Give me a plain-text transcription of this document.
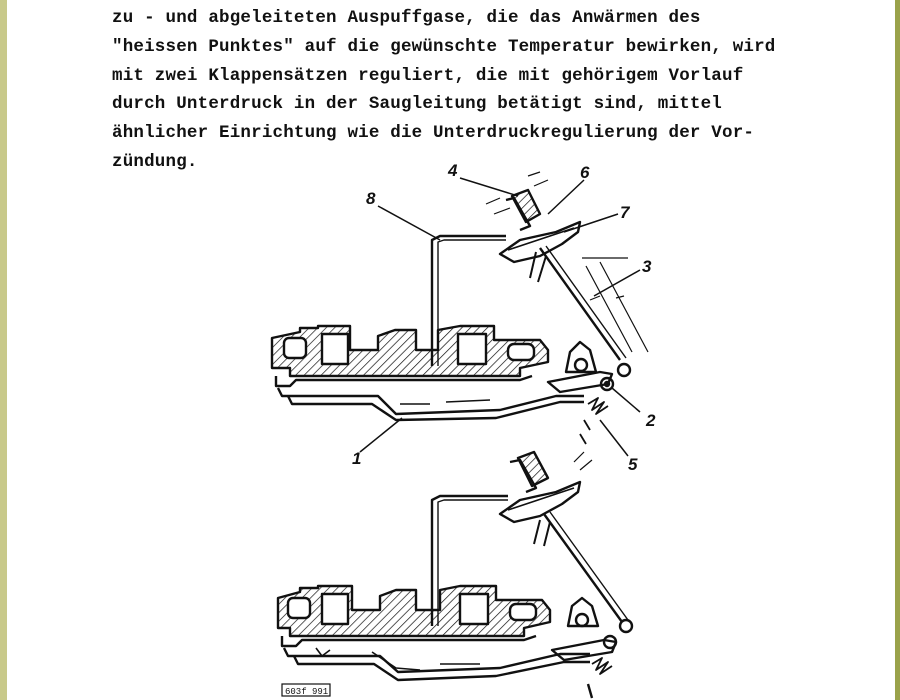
zu - und abgeleiteten Auspuffgase, die das Anwärmen des
"heissen Punktes" auf die gewünschte Temperatur bewirken, wird
mit zwei Klappensätzen reguliert, die mit gehörigem Vorlauf
durch Unterdruck in der Saugleitung betätigt sind, mittel
ähnlicher Einrichtung wie die Unterdruckregulierung der Vor-
zündung.	4	6
7
8
3
2
5
1
603f 991
